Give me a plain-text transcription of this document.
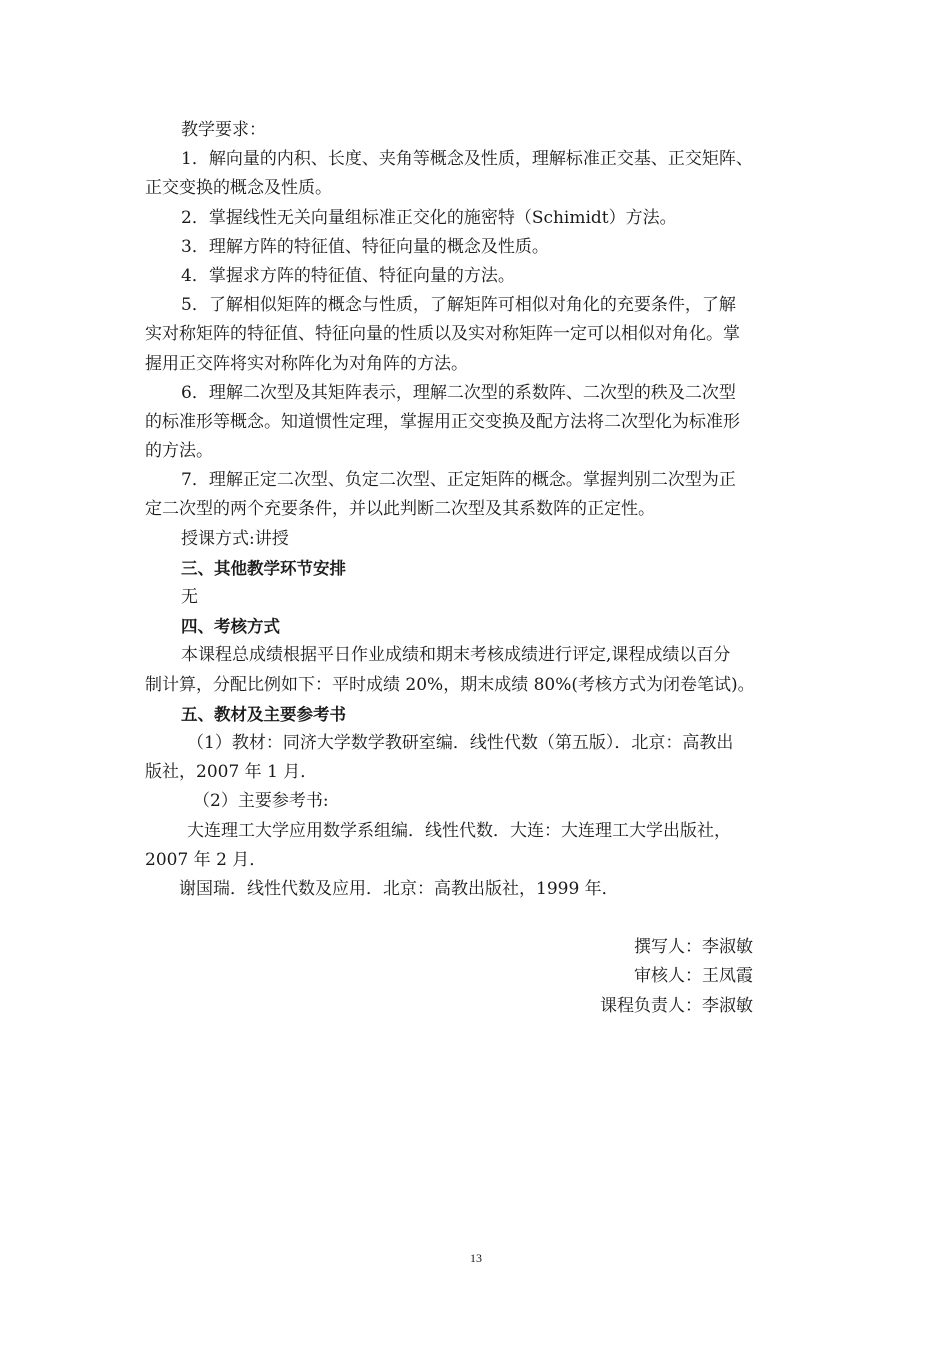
教学要求：
1．解向量的内积、长度、夹角等概念及性质，理解标准正交基、正交矩阵、
正交变换的概念及性质。
2．掌握线性无关向量组标准正交化的施密特（Schimidt）方法。
3．理解方阵的特征值、特征向量的概念及性质。
4．掌握求方阵的特征值、特征向量的方法。
5．了解相似矩阵的概念与性质，了解矩阵可相似对角化的充要条件，了解
实对称矩阵的特征值、特征向量的性质以及实对称矩阵一定可以相似对角化。掌
握用正交阵将实对称阵化为对角阵的方法。
6．理解二次型及其矩阵表示，理解二次型的系数阵、二次型的秩及二次型
的标准形等概念。知道惯性定理，掌握用正交变换及配方法将二次型化为标准形
的方法。
7．理解正定二次型、负定二次型、正定矩阵的概念。掌握判别二次型为正
定二次型的两个充要条件，并以此判断二次型及其系数阵的正定性。
授课方式:讲授
三、其他教学环节安排
无
四、考核方式
本课程总成绩根据平日作业成绩和期末考核成绩进行评定,课程成绩以百分
制计算，分配比例如下：平时成绩 20%，期末成绩 80%(考核方式为闭卷笔试)。
五、教材及主要参考书
（1）教材：同济大学数学教研室编．线性代数（第五版）．北京：高教出
版社，2007 年 1 月．
（2）主要参考书:
大连理工大学应用数学系组编．线性代数．大连：大连理工大学出版社，
2007 年 2 月．
谢国瑞．线性代数及应用．北京：高教出版社，1999 年．
撰写人：李淑敏
审核人：王凤霞
课程负责人：李淑敏
13
